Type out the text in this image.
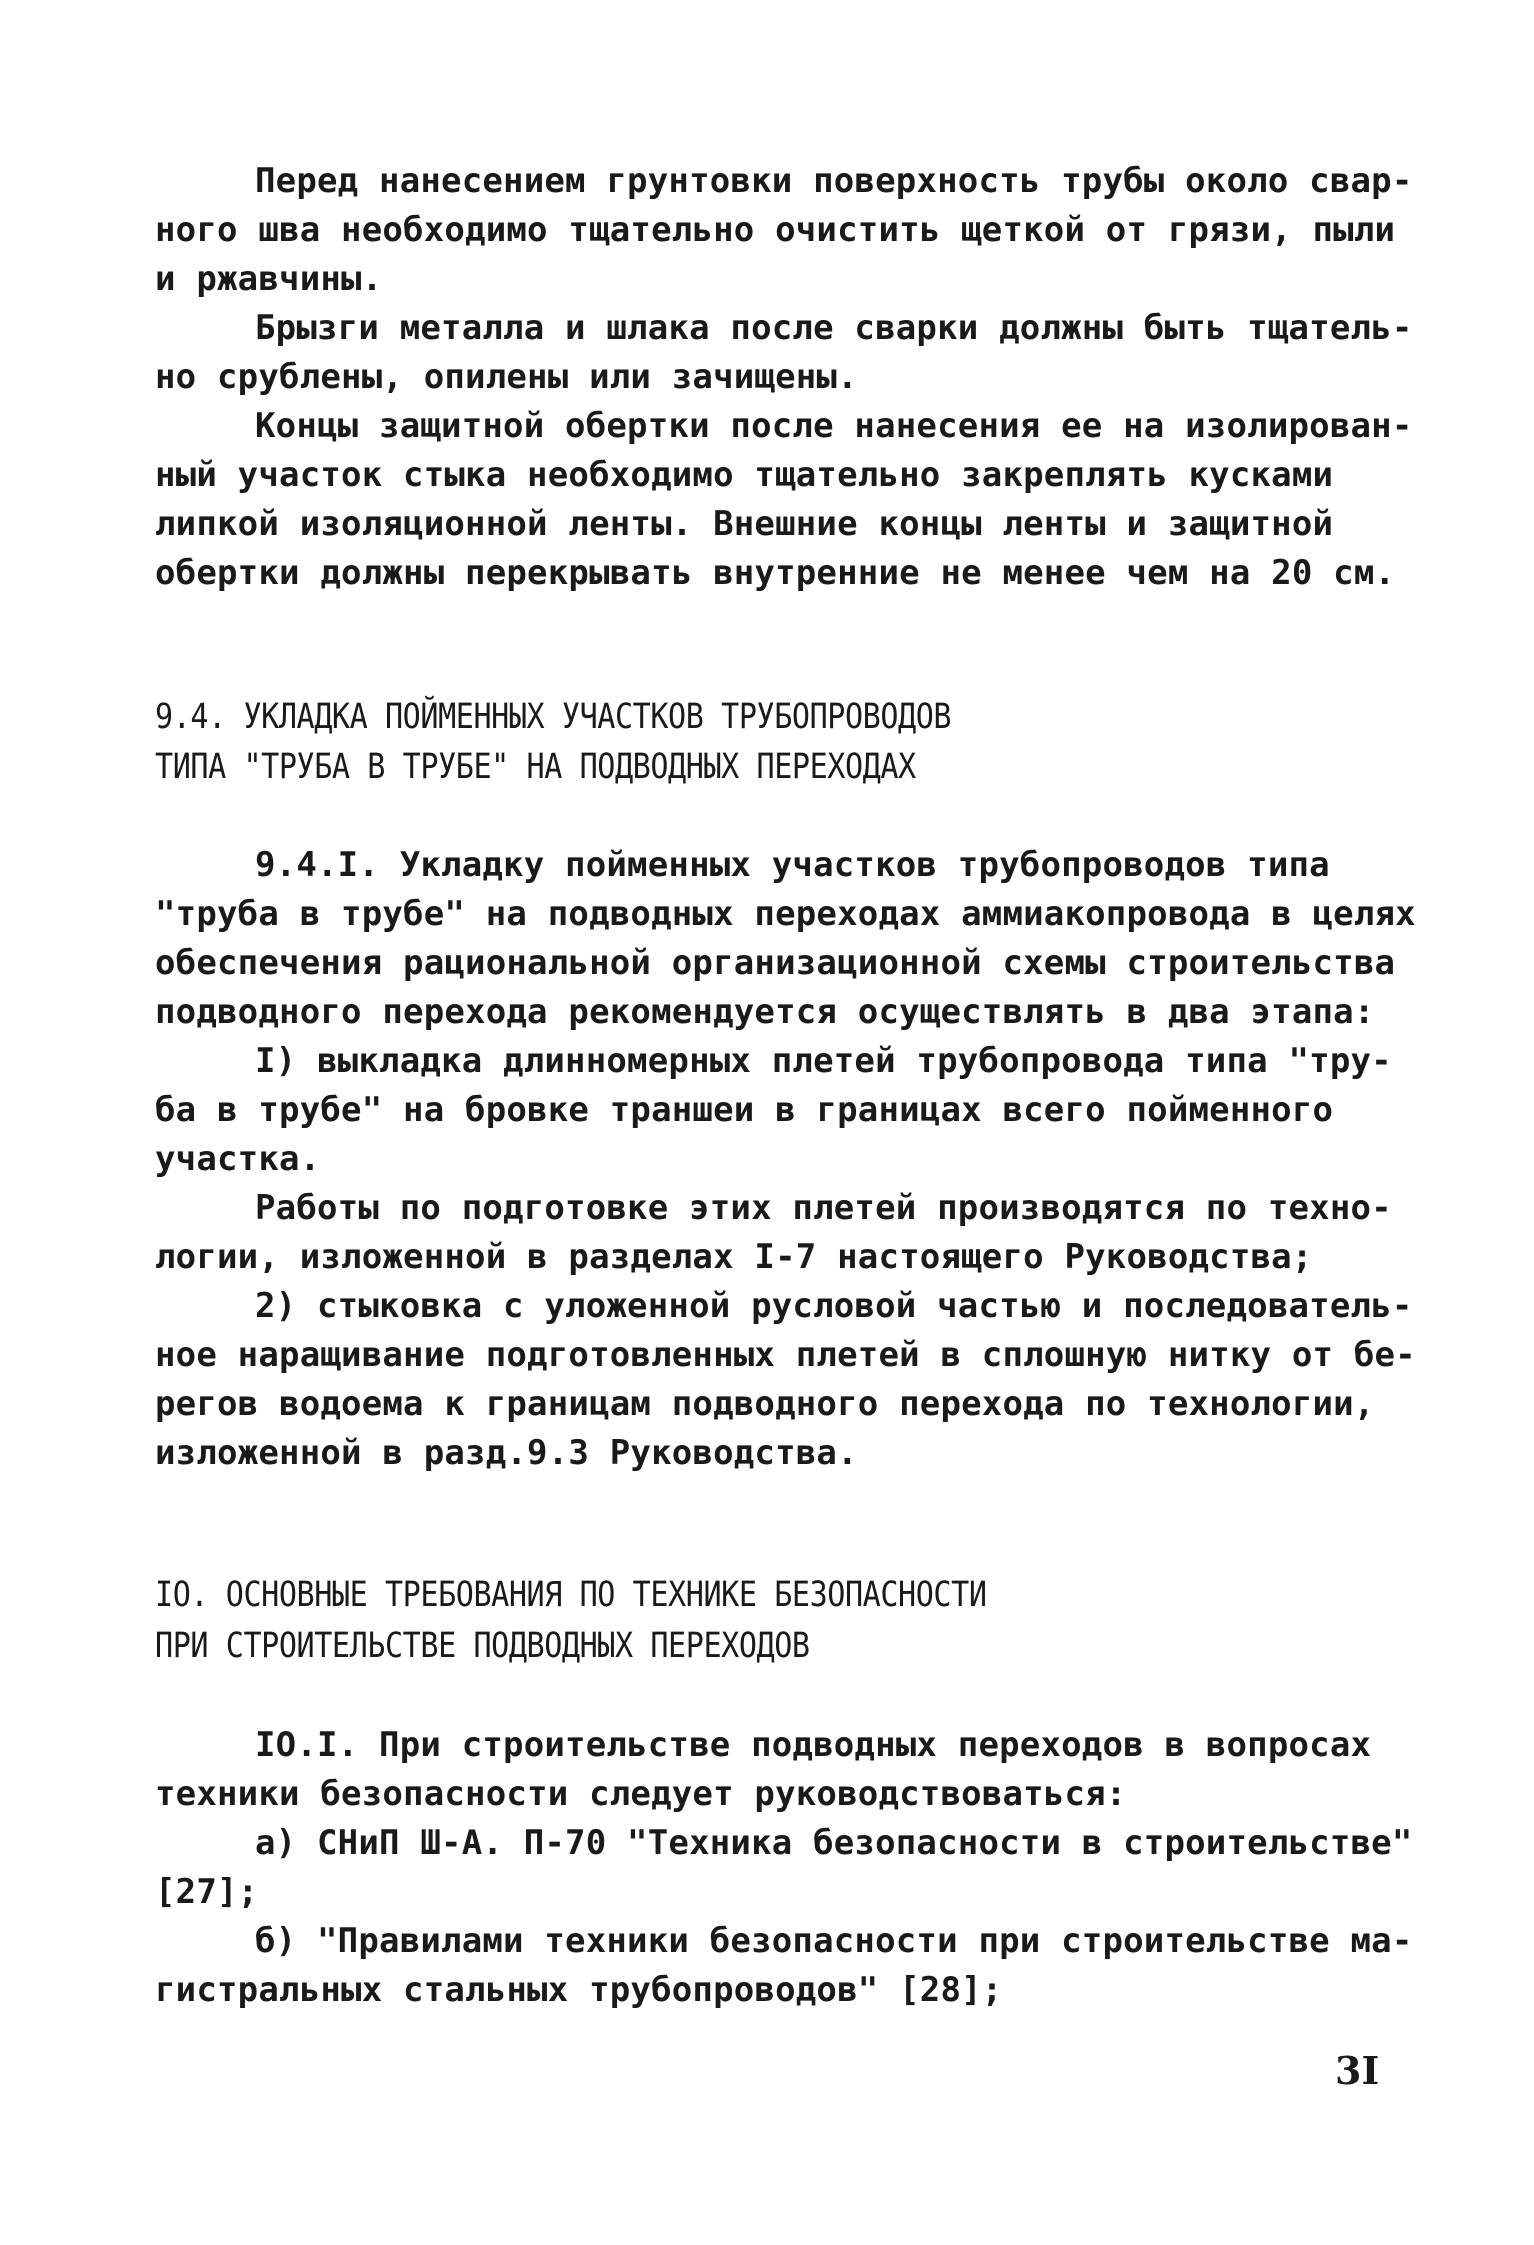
Перед нанесением грунтовки поверхность трубы около свар-
ного шва необходимо тщательно очистить щеткой от грязи, пыли
и ржавчины.
Брызги металла и шлака после сварки должны быть тщатель-
но срублены, опилены или зачищены.
Концы защитной обертки после нанесения ее на изолирован-
ный участок стыка необходимо тщательно закреплять кусками
липкой изоляционной ленты. Внешние концы ленты и защитной
обертки должны перекрывать внутренние не менее чем на 20 см.
9.4. УКЛАДКА ПОЙМЕННЫХ УЧАСТКОВ ТРУБОПРОВОДОВ
ТИПА "ТРУБА В ТРУБЕ" НА ПОДВОДНЫХ ПЕРЕХОДАХ
9.4.I. Укладку пойменных участков трубопроводов типа
"труба в трубе" на подводных переходах аммиакопровода в целях
обеспечения рациональной организационной схемы строительства
подводного перехода рекомендуется осуществлять в два этапа:
I) выкладка длинномерных плетей трубопровода типа "тру-
ба в трубе" на бровке траншеи в границах всего пойменного
участка.
Работы по подготовке этих плетей производятся по техно-
логии, изложенной в разделах I-7 настоящего Руководства;
2) стыковка с уложенной русловой частью и последователь-
ное наращивание подготовленных плетей в сплошную нитку от бе-
регов водоема к границам подводного перехода по технологии,
изложенной в разд.9.3 Руководства.
IO. ОСНОВНЫЕ ТРЕБОВАНИЯ ПО ТЕХНИКЕ БЕЗОПАСНОСТИ
ПРИ СТРОИТЕЛЬСТВЕ ПОДВОДНЫХ ПЕРЕХОДОВ
IO.I. При строительстве подводных переходов в вопросах
техники безопасности следует руководствоваться:
а) СНиП Ш-А. П-70 "Техника безопасности в строительстве"
[27];
б) "Правилами техники безопасности при строительстве ма-
гистральных стальных трубопроводов" [28];
3I
